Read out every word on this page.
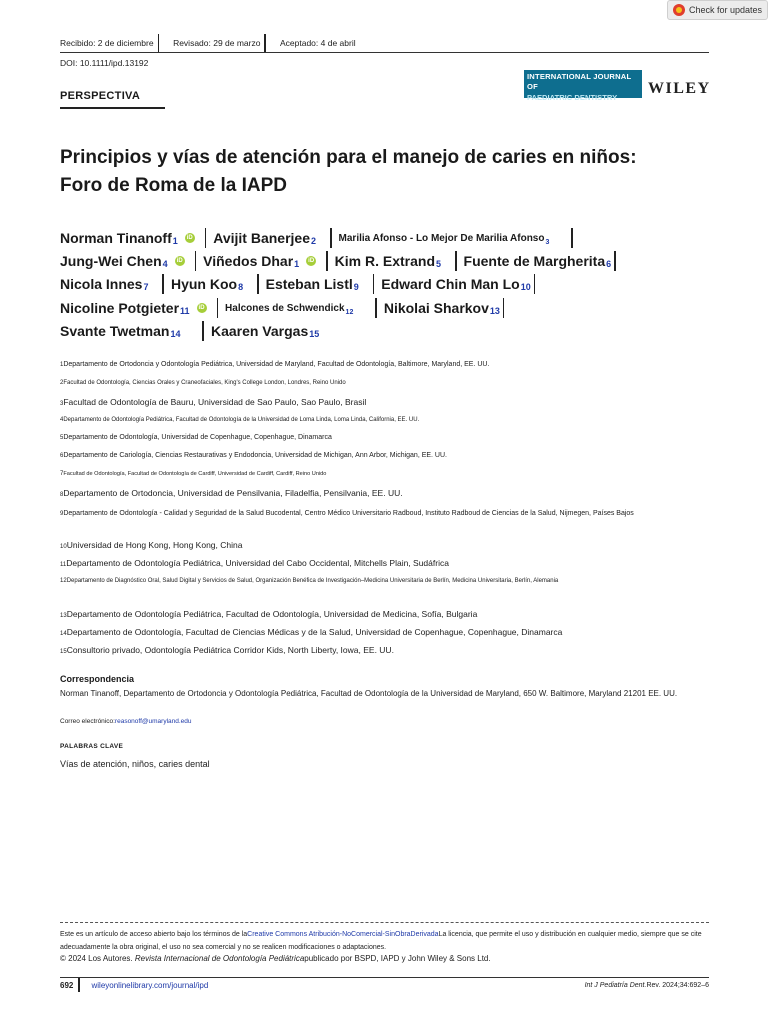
Check for updates
Recibido: 2 de diciembre Revisado: 29 de marzo Aceptado: 4 de abril
DOI: 10.1111/ipd.13192
INTERNATIONAL JOURNAL OF
PAEDIATRIC DENTISTRY
WILEY
PERSPECTIVA
Principios y vías de atención para el manejo de caries en niños: Foro de Roma de la IAPD
Norman Tinanoff 1	iD Avijit Banerjee 2 Marilia Afonso - Lo Mejor De Marilia Afonso 3
Jung-Wei Chen 4	iD Viñedos Dhar 1	iD Kim R. Extrand 5 Fuente de Margherita 6
Nicola Innes 7 Hyun Koo 8 Esteban Listl 9 Edward Chin Man Lo 10
Nicoline Potgieter 11	iD Halcones de Schwendick 12 Nikolai Sharkov 13
Svante Twetman 14 Kaaren Vargas 15
1Departamento de Ortodoncia y Odontología Pediátrica, Universidad de Maryland, Facultad de Odontología, Baltimore, Maryland, EE. UU.
2Facultad de Odontología, Ciencias Orales y Craneofaciales, King's College London, Londres, Reino Unido
3Facultad de Odontología de Bauru, Universidad de Sao Paulo, Sao Paulo, Brasil
4Departamento de Odontología Pediátrica, Facultad de Odontología de la Universidad de Loma Linda, Loma Linda, California, EE. UU.
5Departamento de Odontología, Universidad de Copenhague, Copenhague, Dinamarca
6Departamento de Cariología, Ciencias Restaurativas y Endodoncia, Universidad de Michigan, Ann Arbor, Michigan, EE. UU.
7Facultad de Odontología, Facultad de Odontología de Cardiff, Universidad de Cardiff, Cardiff, Reino Unido
8Departamento de Ortodoncia, Universidad de Pensilvania, Filadelfia, Pensilvania, EE. UU.
9Departamento de Odontología - Calidad y Seguridad de la Salud Bucodental, Centro Médico Universitario Radboud, Instituto Radboud de Ciencias de la Salud, Nijmegen, Países Bajos
10Universidad de Hong Kong, Hong Kong, China
11Departamento de Odontología Pediátrica, Universidad del Cabo Occidental, Mitchells Plain, Sudáfrica
12Departamento de Diagnóstico Oral, Salud Digital y Servicios de Salud, Organización Benéfica de Investigación–Medicina Universitaria de Berlín, Medicina Universitaria, Berlín, Alemania
13Departamento de Odontología Pediátrica, Facultad de Odontología, Universidad de Medicina, Sofía, Bulgaria
14Departamento de Odontología, Facultad de Ciencias Médicas y de la Salud, Universidad de Copenhague, Copenhague, Dinamarca
15Consultorio privado, Odontología Pediátrica Corridor Kids, North Liberty, Iowa, EE. UU.
Correspondencia
Norman Tinanoff, Departamento de Ortodoncia y Odontología Pediátrica, Facultad de Odontología de la Universidad de Maryland, 650 W. Baltimore, Maryland 21201 EE. UU.
Correo electrónico:reasonoff@umaryland.edu
PALABRAS CLAVE
Vías de atención, niños, caries dental
Este es un artículo de acceso abierto bajo los términos de laCreative Commons Atribución-NoComercial-SinObraDerivadaLa licencia, que permite el uso y distribución en cualquier medio, siempre que se cite adecuadamente la obra original, el uso no sea comercial y no se realicen modificaciones o adaptaciones.
© 2024 Los Autores. Revista Internacional de Odontología Pediátricapublicado por BSPD, IAPD y John Wiley & Sons Ltd.
692	wileyonlinelibrary.com/journal/ipd	Int J Pediatría Dent.Rev. 2024;34:692–6
